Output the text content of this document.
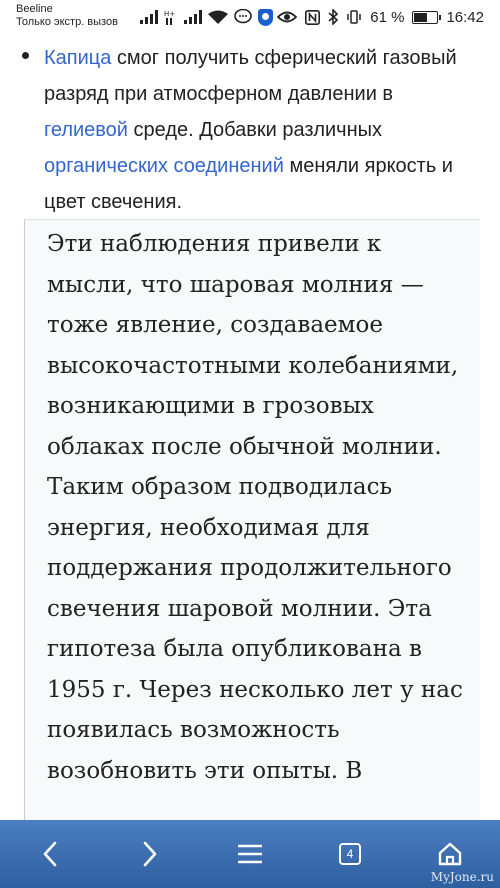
Beeline
Только экстр. вызов
H+	61 %	16:42

Капица смог получить сферический газовый разряд при атмосферном давлении в гелиевой среде. Добавки различных органических соединений меняли яркость и цвет свечения.

Эти наблюдения привели к мысли, что шаровая молния — тоже явление, создаваемое высокочастотными колебаниями, возникающими в грозовых облаках после обычной молнии. Таким образом подводилась энергия, необходимая для поддержания продолжительного свечения шаровой молнии. Эта гипотеза была опубликована в 1955 г. Через несколько лет у нас появилась возможность возобновить эти опыты. В

4
MyJone.ru
